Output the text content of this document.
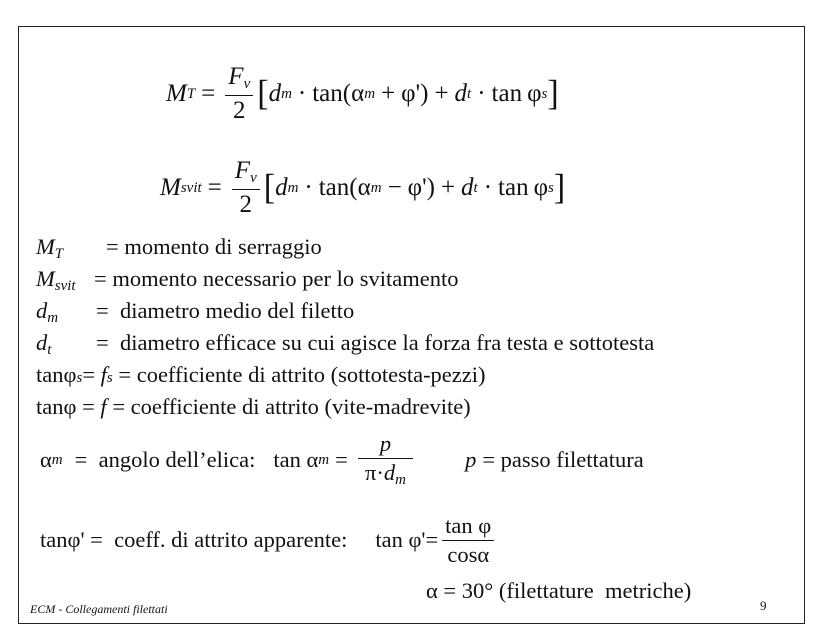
M $T = \frac{F_v}{2}$ [ d m · tan( α m + φ') + d t · tan φ s ]
M svit = $\frac{F_v}{2}$ [ d m · tan( α m − φ') + d t · tan φ s ]
$M_T$	= momento di serraggio
$M_{svit}$ = momento necessario per lo svitamento
$d_m$	=  diametro medio del filetto
$d_t$	=  diametro efficace su cui agisce la forza fra testa e sottotesta
tanφ s = f s = coefficiente di attrito (sottotesta-pezzi)
tanφ = f = coefficiente di attrito (vite-madrevite)
α m =  angolo dell’elica: tan α $m = \frac{p}{\pi\cdot d_m}$ p = passo filettatura
tanφ' =  coeff. di attrito apparente: $\tan \varphi'= \frac{\text{tan φ}}{\cos\alpha}$
α = 30° (filettature  metriche)
ECM - Collegamenti filettati	9
